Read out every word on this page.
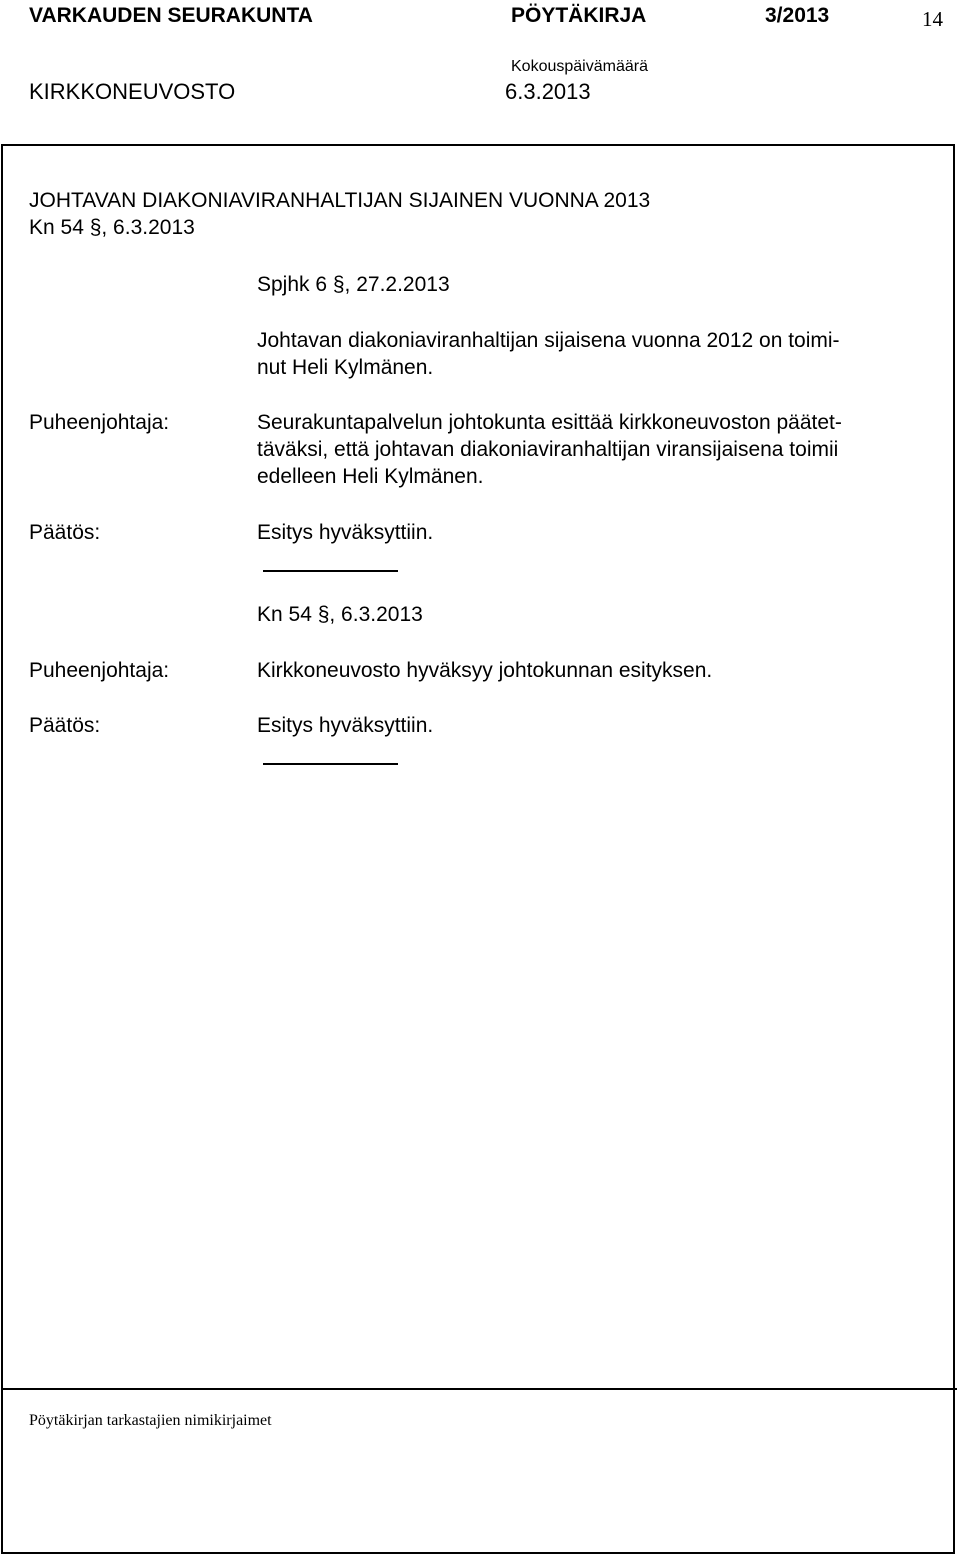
VARKAUDEN SEURAKUNTA	PÖYTÄKIRJA	3/2013	14
Kokouspäivämäärä
KIRKKONEUVOSTO	6.3.2013
JOHTAVAN DIAKONIAVIRANHALTIJAN SIJAINEN VUONNA 2013
Kn 54 §, 6.3.2013
Spjhk 6 §, 27.2.2013
Johtavan diakoniaviranhaltijan sijaisena vuonna 2012 on toimi-
nut Heli Kylmänen.
Puheenjohtaja:	Seurakuntapalvelun johtokunta esittää kirkkoneuvoston päätet-
täväksi, että johtavan diakoniaviranhaltijan viransijaisena toimii
edelleen Heli Kylmänen.
Päätös:	Esitys hyväksyttiin.
Kn 54 §, 6.3.2013
Puheenjohtaja:	Kirkkoneuvosto hyväksyy johtokunnan esityksen.
Päätös:	Esitys hyväksyttiin.
Pöytäkirjan tarkastajien nimikirjaimet
